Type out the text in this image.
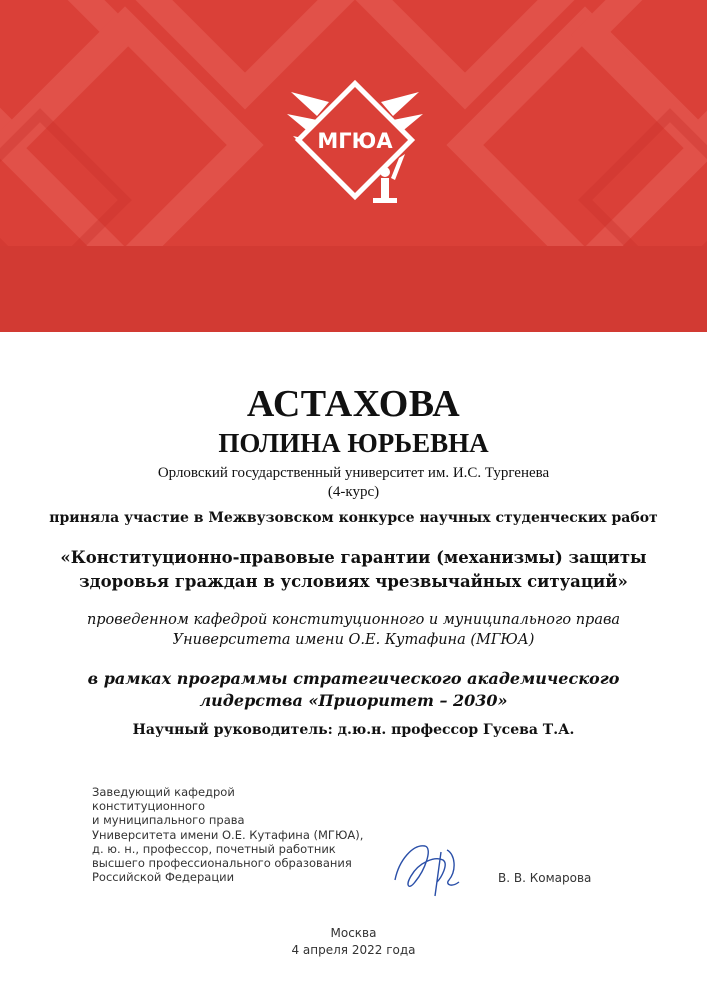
МГЮА
АСТАХОВА
ПОЛИНА ЮРЬЕВНА
Орловский государственный университет им. И.С. Тургенева
(4-курс)
приняла участие в Межвузовском конкурсе научных студенческих работ
«Конституционно-правовые гарантии (механизмы) защиты
здоровья граждан в условиях чрезвычайных ситуаций»
проведенном кафедрой конституционного и муниципального права
Университета имени О.Е. Кутафина (МГЮА)
в рамках программы стратегического академического
лидерства «Приоритет – 2030»
Научный руководитель: д.ю.н. профессор Гусева Т.А.
Заведующий кафедрой
конституционного
и муниципального права
Университета имени О.Е. Кутафина (МГЮА),
д. ю. н., профессор, почетный работник
высшего профессионального образования
Российской Федерации	В. В. Комарова
Москва
4 апреля 2022 года
